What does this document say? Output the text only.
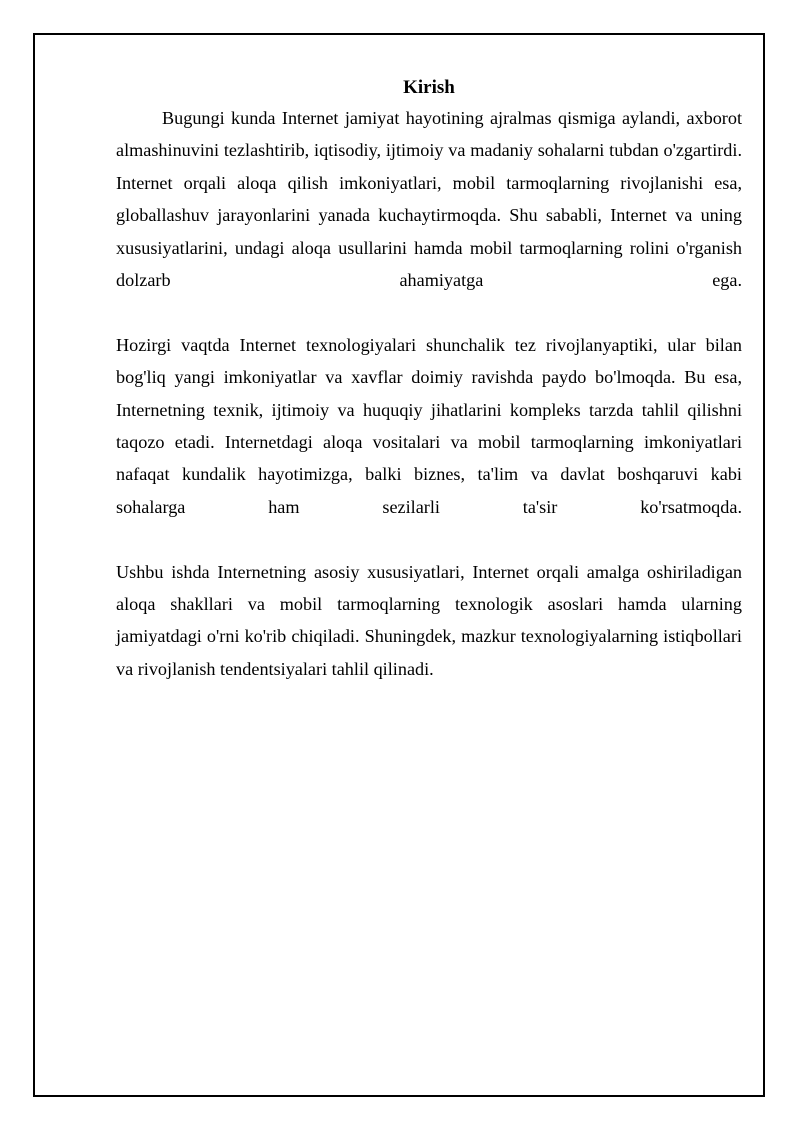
Kirish

Bugungi kunda Internet jamiyat hayotining ajralmas qismiga aylandi, axborot almashinuvini tezlashtirib, iqtisodiy, ijtimoiy va madaniy sohalarni tubdan o'zgartirdi. Internet orqali aloqa qilish imkoniyatlari, mobil tarmoqlarning rivojlanishi esa, globallashuv jarayonlarini yanada kuchaytirmoqda. Shu sababli, Internet va uning xususiyatlarini, undagi aloqa usullarini hamda mobil tarmoqlarning rolini o'rganish dolzarb ahamiyatga ega.

Hozirgi vaqtda Internet texnologiyalari shunchalik tez rivojlanyaptiki, ular bilan bog'liq yangi imkoniyatlar va xavflar doimiy ravishda paydo bo'lmoqda. Bu esa, Internetning texnik, ijtimoiy va huquqiy jihatlarini kompleks tarzda tahlil qilishni taqozo etadi. Internetdagi aloqa vositalari va mobil tarmoqlarning imkoniyatlari nafaqat kundalik hayotimizga, balki biznes, ta'lim va davlat boshqaruvi kabi sohalarga ham sezilarli ta'sir ko'rsatmoqda.

Ushbu ishda Internetning asosiy xususiyatlari, Internet orqali amalga oshiriladigan aloqa shakllari va mobil tarmoqlarning texnologik asoslari hamda ularning jamiyatdagi o'rni ko'rib chiqiladi. Shuningdek, mazkur texnologiyalarning istiqbollari va rivojlanish tendentsiyalari tahlil qilinadi.
